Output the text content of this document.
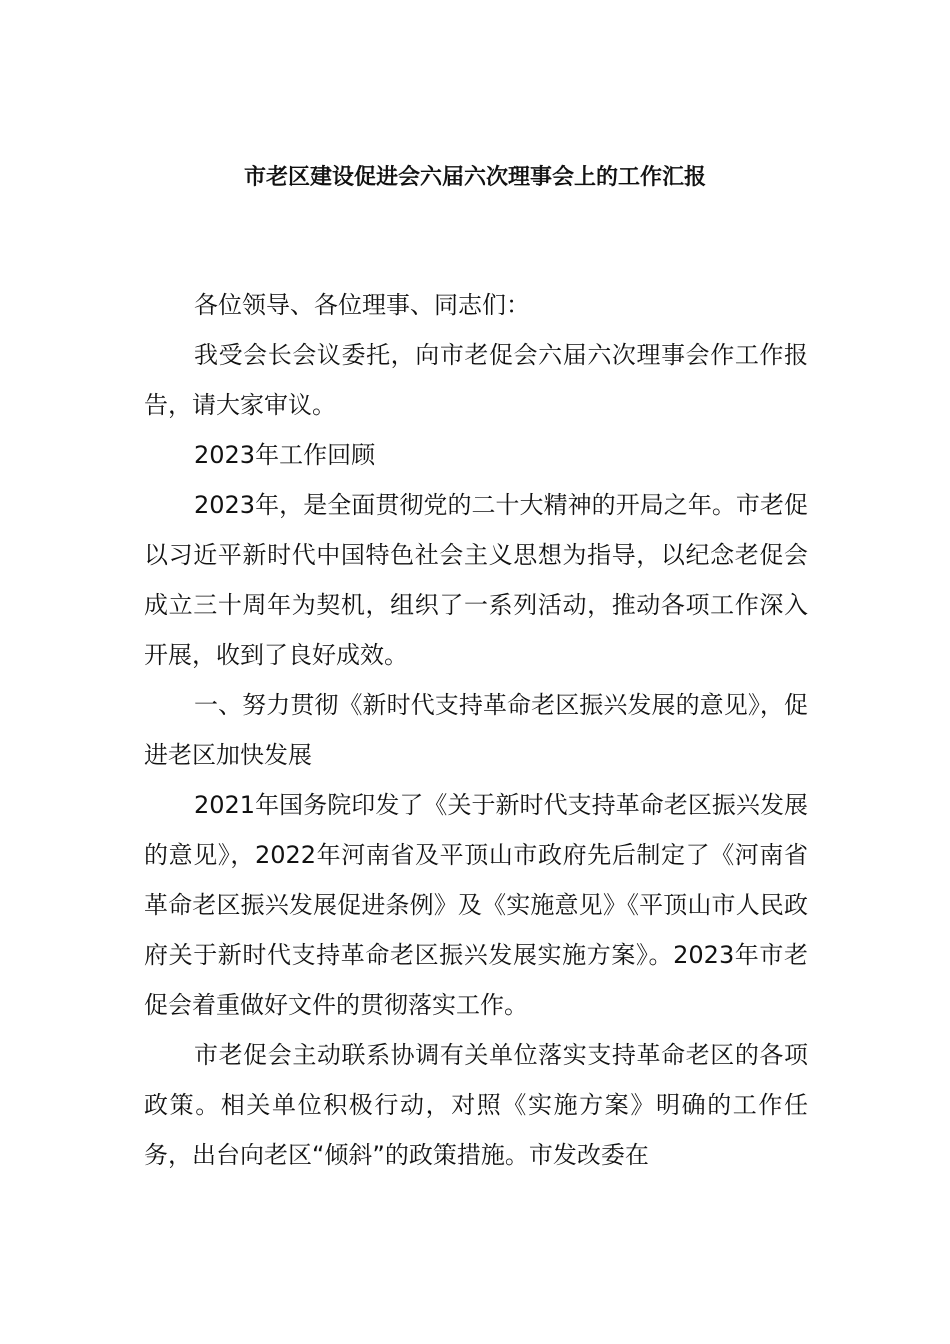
市老区建设促进会六届六次理事会上的工作汇报

各位领导、各位理事、同志们：

我受会长会议委托，向市老促会六届六次理事会作工作报告，请大家审议。

2023年工作回顾

2023年，是全面贯彻党的二十大精神的开局之年。市老促以习近平新时代中国特色社会主义思想为指导，以纪念老促会成立三十周年为契机，组织了一系列活动，推动各项工作深入开展，收到了良好成效。

一、努力贯彻《新时代支持革命老区振兴发展的意见》，促进老区加快发展

2021年国务院印发了《关于新时代支持革命老区振兴发展的意见》，2022年河南省及平顶山市政府先后制定了《河南省革命老区振兴发展促进条例》及《实施意见》《平顶山市人民政府关于新时代支持革命老区振兴发展实施方案》。2023年市老促会着重做好文件的贯彻落实工作。

市老促会主动联系协调有关单位落实支持革命老区的各项政策。相关单位积极行动，对照《实施方案》明确的工作任务，出台向老区“倾斜”的政策措施。市发改委在
